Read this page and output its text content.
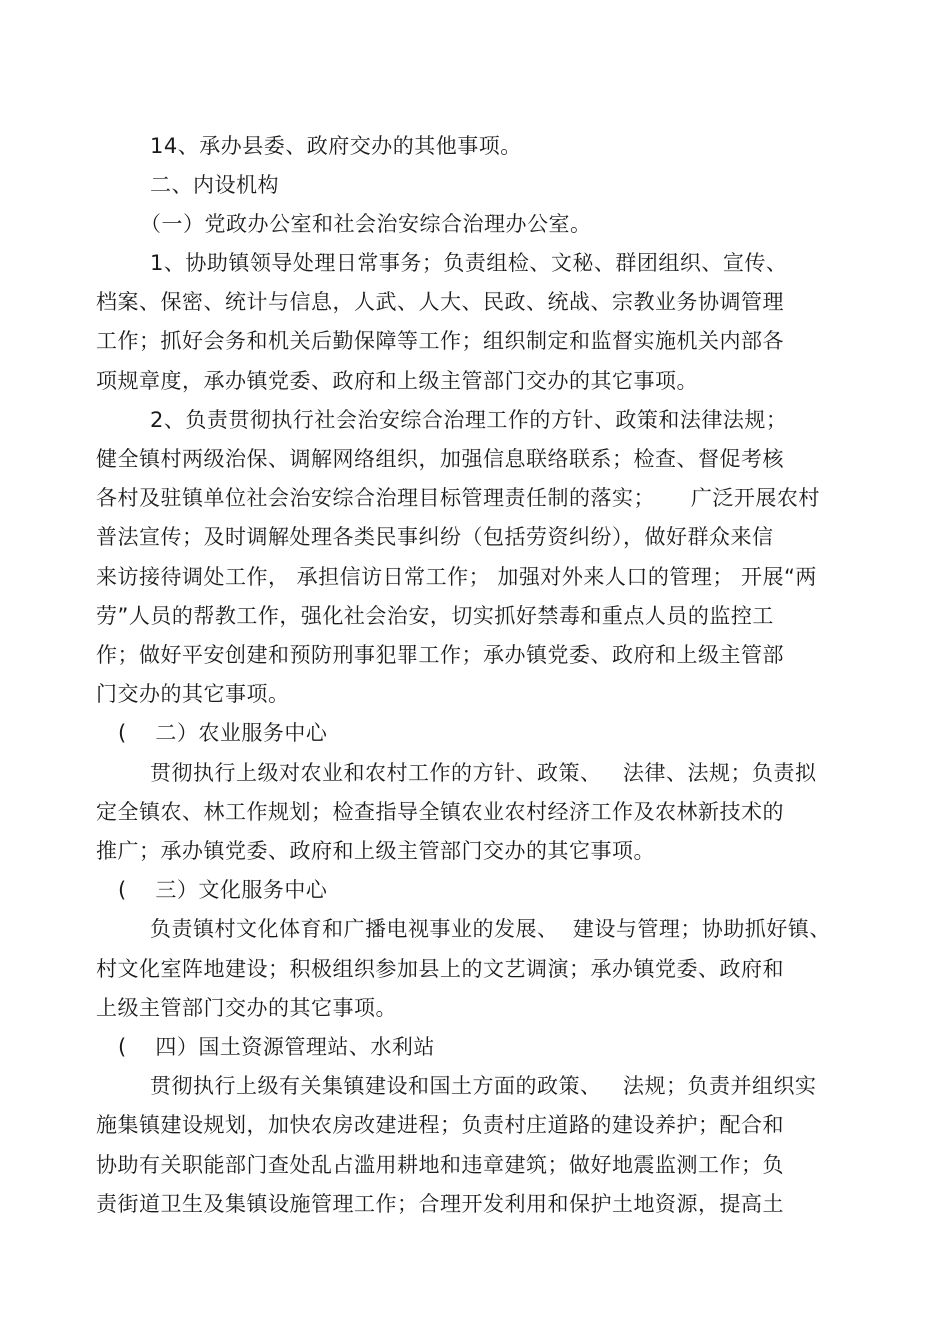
14、承办县委、政府交办的其他事项。
二、内设机构
（一）党政办公室和社会治安综合治理办公室。
1、协助镇领导处理日常事务；负责组检、文秘、群团组织、宣传、
档案、保密、统计与信息，人武、人大、民政、统战、宗教业务协调管理
工作；抓好会务和机关后勤保障等工作；组织制定和监督实施机关内部各
项规章度，承办镇党委、政府和上级主管部门交办的其它事项。
2、负责贯彻执行社会治安综合治理工作的方针、政策和法律法规；
健全镇村两级治保、调解网络组织，加强信息联络联系；检查、督促考核
各村及驻镇单位社会治安综合治理目标管理责任制的落实；     广泛开展农村
普法宣传；及时调解处理各类民事纠纷（包括劳资纠纷），做好群众来信
来访接待调处工作， 承担信访日常工作； 加强对外来人口的管理； 开展“两
劳”人员的帮教工作，强化社会治安，切实抓好禁毒和重点人员的监控工
作；做好平安创建和预防刑事犯罪工作；承办镇党委、政府和上级主管部
门交办的其它事项。
(    二）农业服务中心
贯彻执行上级对农业和农村工作的方针、政策、   法律、法规；负责拟
定全镇农、林工作规划；检查指导全镇农业农村经济工作及农林新技术的
推广；承办镇党委、政府和上级主管部门交办的其它事项。
(    三）文化服务中心
负责镇村文化体育和广播电视事业的发展、  建设与管理；协助抓好镇、
村文化室阵地建设；积极组织参加县上的文艺调演；承办镇党委、政府和
上级主管部门交办的其它事项。
(    四）国土资源管理站、水利站
贯彻执行上级有关集镇建设和国土方面的政策、   法规；负责并组织实
施集镇建设规划，加快农房改建进程；负责村庄道路的建设养护；配合和
协助有关职能部门查处乱占滥用耕地和违章建筑；做好地震监测工作；负
责街道卫生及集镇设施管理工作；合理开发利用和保护土地资源，提高土
